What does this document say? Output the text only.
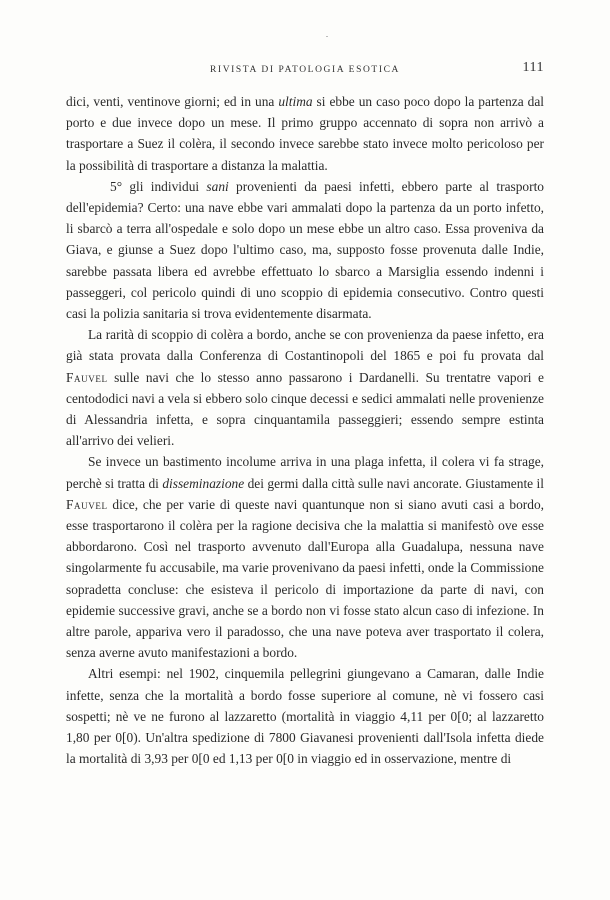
RIVISTA DI PATOLOGIA ESOTICA	111

dici, venti, ventinove giorni; ed in una ultima si ebbe un caso poco dopo la partenza dal porto e due invece dopo un mese. Il primo gruppo accennato di sopra non arrivò a trasportare a Suez il colèra, il secondo invece sarebbe stato invece molto pericoloso per la possibilità di trasportare a distanza la malattia.

5° gli individui sani provenienti da paesi infetti, ebbero parte al trasporto dell'epidemia? Certo: una nave ebbe vari ammalati dopo la partenza da un porto infetto, li sbarcò a terra all'ospedale e solo dopo un mese ebbe un altro caso. Essa proveniva da Giava, e giunse a Suez dopo l'ultimo caso, ma, supposto fosse provenuta dalle Indie, sarebbe passata libera ed avrebbe effettuato lo sbarco a Marsiglia essendo indenni i passeggeri, col pericolo quindi di uno scoppio di epidemia consecutivo. Contro questi casi la polizia sanitaria si trova evidentemente disarmata.

La rarità di scoppio di colèra a bordo, anche se con provenienza da paese infetto, era già stata provata dalla Conferenza di Costantinopoli del 1865 e poi fu provata dal Fauvel sulle navi che lo stesso anno passarono i Dardanelli. Su trentatre vapori e centododici navi a vela si ebbero solo cinque decessi e sedici ammalati nelle provenienze di Alessandria infetta, e sopra cinquantamila passeggieri; essendo sempre estinta all'arrivo dei velieri.

Se invece un bastimento incolume arriva in una plaga infetta, il colera vi fa strage, perchè si tratta di disseminazione dei germi dalla città sulle navi ancorate. Giustamente il Fauvel dice, che per varie di queste navi quantunque non si siano avuti casi a bordo, esse trasportarono il colèra per la ragione decisiva che la malattia si manifestò ove esse abbordarono. Così nel trasporto avvenuto dall'Europa alla Guadalupa, nessuna nave singolarmente fu accusabile, ma varie provenivano da paesi infetti, onde la Commissione sopradetta concluse: che esisteva il pericolo di importazione da parte di navi, con epidemie successive gravi, anche se a bordo non vi fosse stato alcun caso di infezione. In altre parole, appariva vero il paradosso, che una nave poteva aver trasportato il colera, senza averne avuto manifestazioni a bordo.

Altri esempi: nel 1902, cinquemila pellegrini giungevano a Camaran, dalle Indie infette, senza che la mortalità a bordo fosse superiore al comune, nè vi fossero casi sospetti; nè ve ne furono al lazzaretto (mortalità in viaggio 4,11 per 0[0; al lazzaretto 1,80 per 0[0). Un'altra spedizione di 7800 Giavanesi provenienti dall'Isola infetta diede la mortalità di 3,93 per 0[0 ed 1,13 per 0[0 in viaggio ed in osservazione, mentre di
